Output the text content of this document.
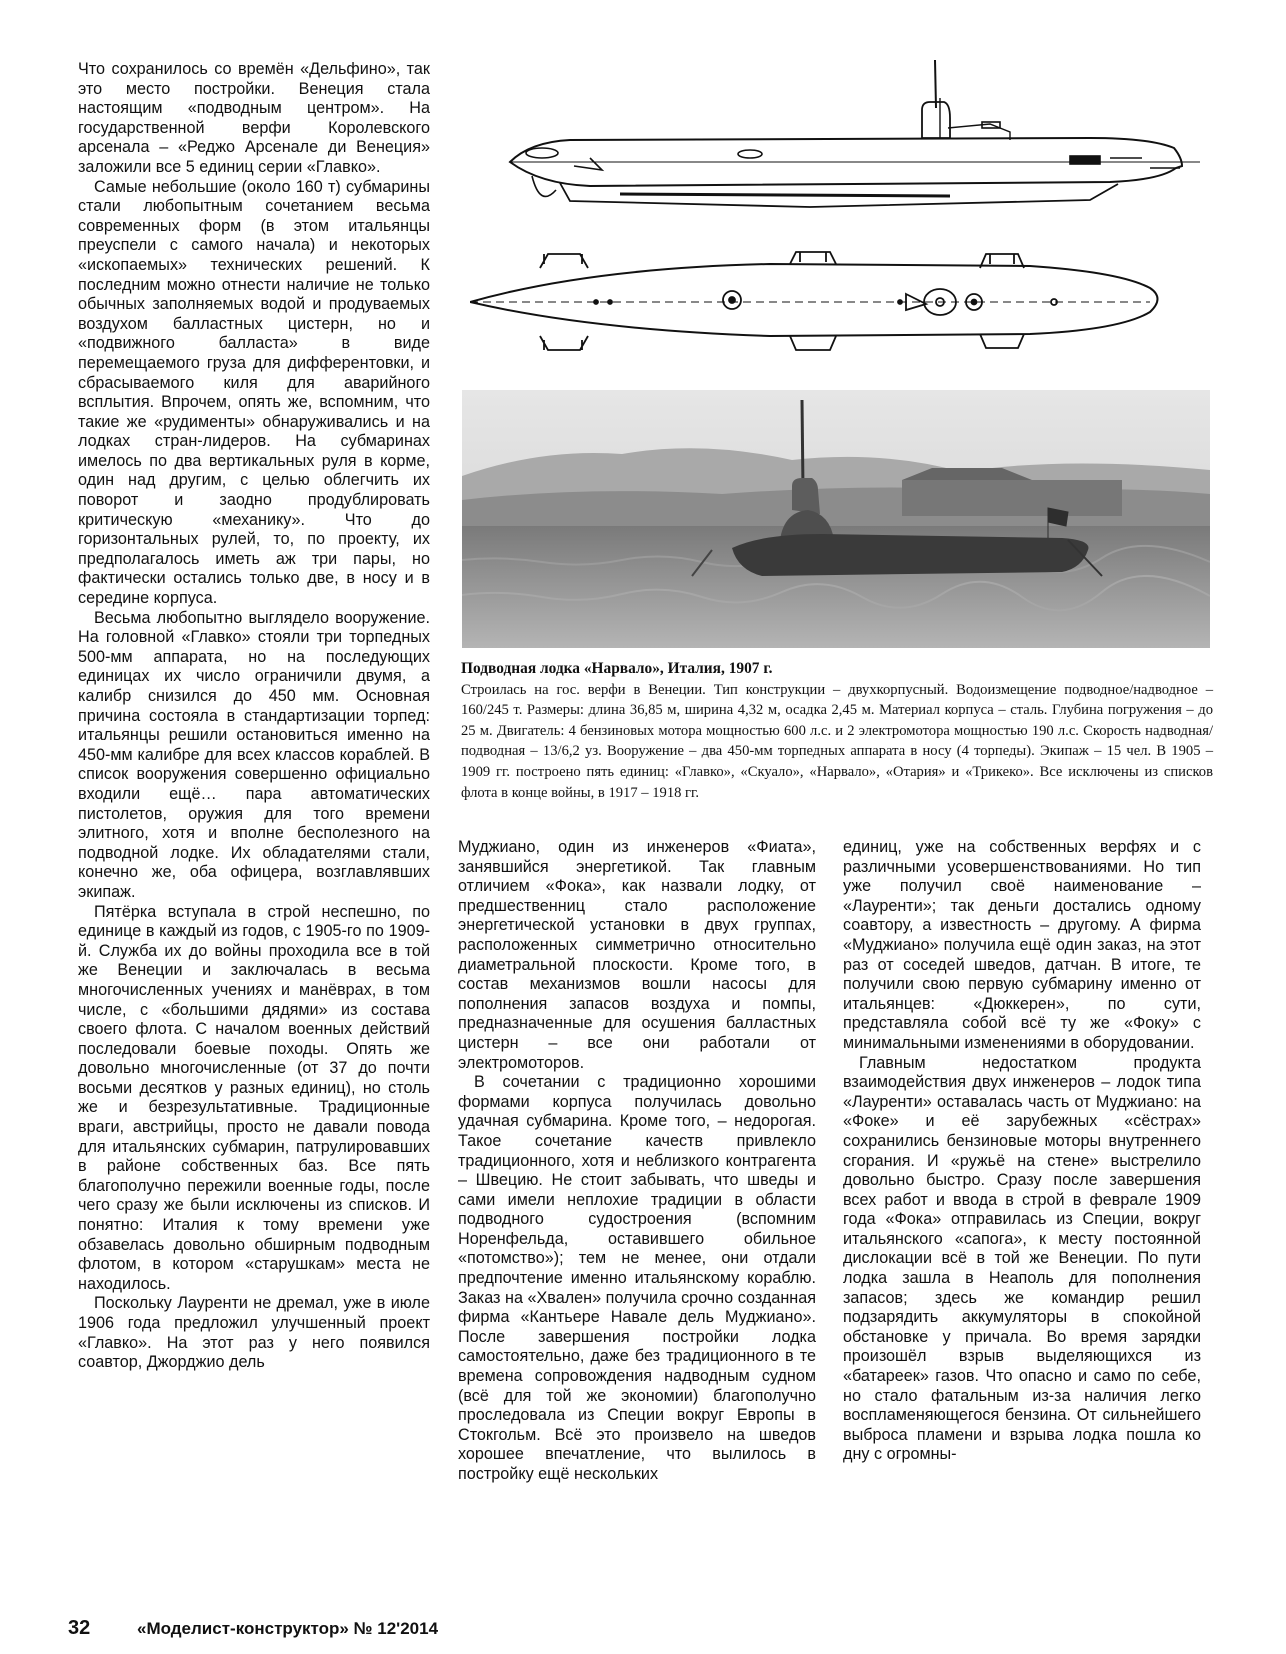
Что сохранилось со времён «Дельфино», так это место постройки. Венеция стала настоящим «подводным центром». На государственной верфи Королевского арсенала – «Реджо Арсенале ди Венеция» заложили все 5 единиц серии «Главко».

Самые небольшие (около 160 т) субмарины стали любопытным сочетанием весьма современных форм (в этом итальянцы преуспели с самого начала) и некоторых «ископаемых» технических решений. К последним можно отнести наличие не только обычных заполняемых водой и продуваемых воздухом балластных цистерн, но и «подвижного балласта» в виде перемещаемого груза для дифферентовки, и сбрасываемого киля для аварийного всплытия. Впрочем, опять же, вспомним, что такие же «рудименты» обнаруживались и на лодках стран-лидеров. На субмаринах имелось по два вертикальных руля в корме, один над другим, с целью облегчить их поворот и заодно продублировать критическую «механику». Что до горизонтальных рулей, то, по проекту, их предполагалось иметь аж три пары, но фактически остались только две, в носу и в середине корпуса.

Весьма любопытно выглядело вооружение. На головной «Главко» стояли три торпедных 500-мм аппарата, но на последующих единицах их число ограничили двумя, а калибр снизился до 450 мм. Основная причина состояла в стандартизации торпед: итальянцы решили остановиться именно на 450-мм калибре для всех классов кораблей. В список вооружения совершенно официально входили ещё… пара автоматических пистолетов, оружия для того времени элитного, хотя и вполне бесполезного на подводной лодке. Их обладателями стали, конечно же, оба офицера, возглавлявших экипаж.

Пятёрка вступала в строй неспешно, по единице в каждый из годов, с 1905-го по 1909-й. Служба их до войны проходила все в той же Венеции и заключалась в весьма многочисленных учениях и манёврах, в том числе, с «большими дядями» из состава своего флота. С началом военных действий последовали боевые походы. Опять же довольно многочисленные (от 37 до почти восьми десятков у разных единиц), но столь же и безрезультативные. Традиционные враги, австрийцы, просто не давали повода для итальянских субмарин, патрулировавших в районе собственных баз. Все пять благополучно пережили военные годы, после чего сразу же были исключены из списков. И понятно: Италия к тому времени уже обзавелась довольно обширным подводным флотом, в котором «старушкам» места не находилось.

Поскольку Лауренти не дремал, уже в июле 1906 года предложил улучшенный проект «Главко». На этот раз у него появился соавтор, Джорджио дель

Подводная лодка «Нарвало», Италия, 1907 г.
Строилась на гос. верфи в Венеции. Тип конструкции – двухкорпусный. Водоизмещение подводное/надводное – 160/245 т. Размеры: длина 36,85 м, ширина 4,32 м, осадка 2,45 м. Материал корпуса – сталь. Глубина погружения – до 25 м. Двигатель: 4 бензиновых мотора мощностью 600 л.с. и 2 электромотора мощностью 190 л.с. Скорость надводная/подводная – 13/6,2 уз. Вооружение – два 450-мм торпедных аппарата в носу (4 торпеды). Экипаж – 15 чел. В 1905 – 1909 гг. построено пять единиц: «Главко», «Скуало», «Нарвало», «Отария» и «Трикеко». Все исключены из списков флота в конце войны, в 1917 – 1918 гг.

Муджиано, один из инженеров «Фиата», занявшийся энергетикой. Так главным отличием «Фока», как назвали лодку, от предшественниц стало расположение энергетической установки в двух группах, расположенных симметрично относительно диаметральной плоскости. Кроме того, в состав механизмов вошли насосы для пополнения запасов воздуха и помпы, предназначенные для осушения балластных цистерн – все они работали от электромоторов.

В сочетании с традиционно хорошими формами корпуса получилась довольно удачная субмарина. Кроме того, – недорогая. Такое сочетание качеств привлекло традиционного, хотя и неблизкого контрагента – Швецию. Не стоит забывать, что шведы и сами имели неплохие традиции в области подводного судостроения (вспомним Норенфельда, оставившего обильное «потомство»); тем не менее, они отдали предпочтение именно итальянскому кораблю. Заказ на «Хвален» получила срочно созданная фирма «Кантьере Навале дель Муджиано». После завершения постройки лодка самостоятельно, даже без традиционного в те времена сопровождения надводным судном (всё для той же экономии) благополучно проследовала из Специи вокруг Европы в Стокгольм. Всё это произвело на шведов хорошее впечатление, что вылилось в постройку ещё нескольких

единиц, уже на собственных верфях и с различными усовершенствованиями. Но тип уже получил своё наименование – «Лауренти»; так деньги достались одному соавтору, а известность – другому. А фирма «Муджиано» получила ещё один заказ, на этот раз от соседей шведов, датчан. В итоге, те получили свою первую субмарину именно от итальянцев: «Дюккерен», по сути, представляла собой всё ту же «Фоку» с минимальными изменениями в оборудовании.

Главным недостатком продукта взаимодействия двух инженеров – лодок типа «Лауренти» оставалась часть от Муджиано: на «Фоке» и её зарубежных «сёстрах» сохранились бензиновые моторы внутреннего сгорания. И «ружьё на стене» выстрелило довольно быстро. Сразу после завершения всех работ и ввода в строй в феврале 1909 года «Фока» отправилась из Специи, вокруг итальянского «сапога», к месту постоянной дислокации всё в той же Венеции. По пути лодка зашла в Неаполь для пополнения запасов; здесь же командир решил подзарядить аккумуляторы в спокойной обстановке у причала. Во время зарядки произошёл взрыв выделяющихся из «батареек» газов. Что опасно и само по себе, но стало фатальным из-за наличия легко воспламеняющегося бензина. От сильнейшего выброса пламени и взрыва лодка пошла ко дну с огромны-

32	«Моделист-конструктор» № 12'2014
